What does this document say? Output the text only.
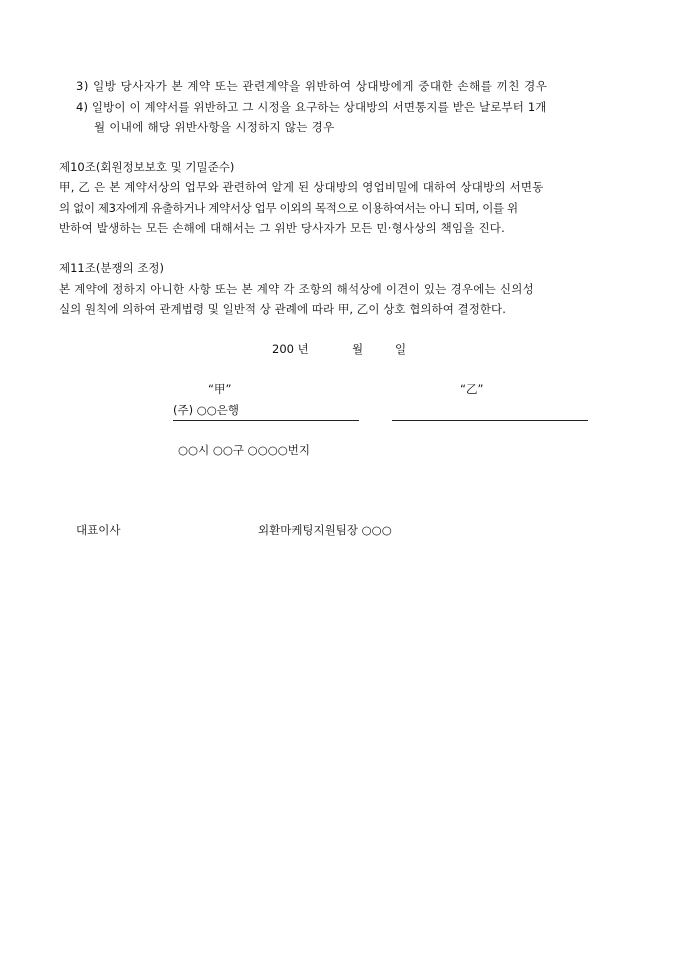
3) 일방 당사자가 본 계약 또는 관련계약을 위반하여 상대방에게 중대한 손해를 끼친 경우
4) 일방이 이 계약서를 위반하고 그 시정을 요구하는 상대방의 서면통지를 받은 날로부터 1개
월 이내에 해당 위반사항을 시정하지 않는 경우
제10조(회원정보보호 및 기밀준수)
甲, 乙 은 본 계약서상의 업무와 관련하여 알게 된 상대방의 영업비밀에 대하여 상대방의 서면동
의 없이 제3자에게 유출하거나 계약서상 업무 이외의 목적으로 이용하여서는 아니 되며, 이를 위
반하여 발생하는 모든 손해에 대해서는 그 위반 당사자가 모든 민·형사상의 책임을 진다.
제11조(분쟁의 조정)
본 계약에 정하지 아니한 사항 또는 본 계약 각 조항의 해석상에 이견이 있는 경우에는 신의성
실의 원칙에 의하여 관계법령 및 일반적 상 관례에 따라 甲, 乙이 상호 협의하여 결정한다.
200 년	월	일
“甲”	“乙”
(주) ○○은행
○○시 ○○구 ○○○○번지
대표이사	외환마케팅지원팀장 ○○○
